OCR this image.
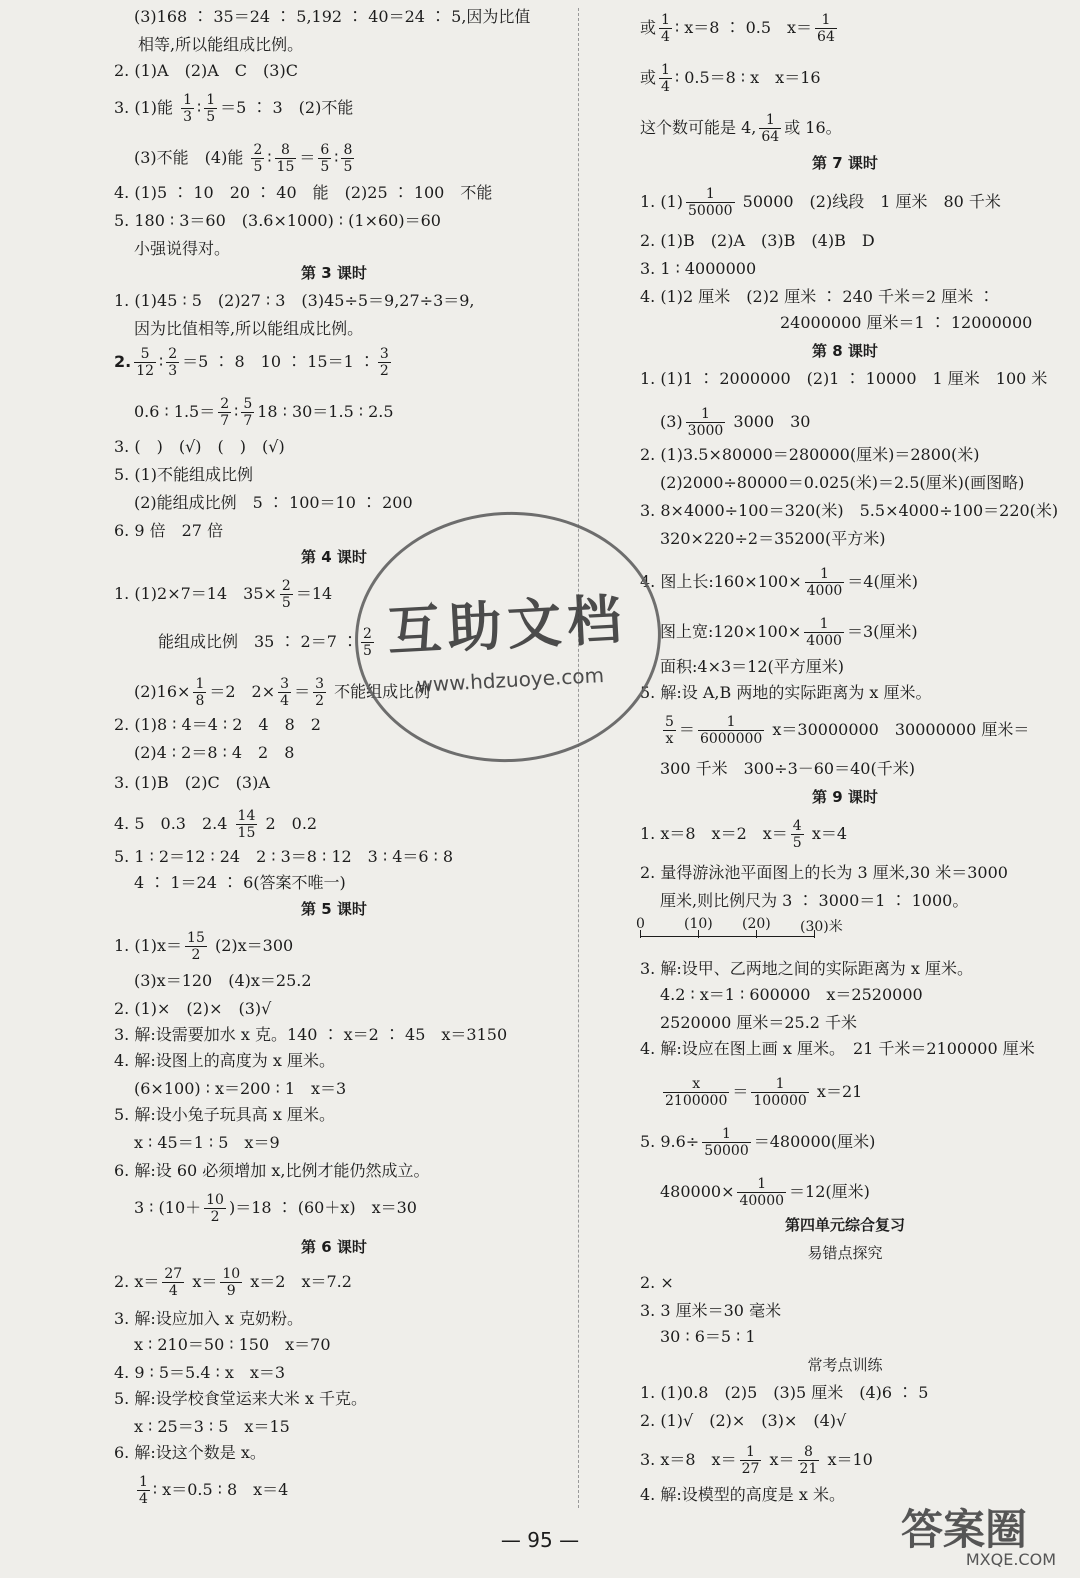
(3)168 ∶ 35＝24 ∶ 5,192 ∶ 40＝24 ∶ 5,因为比值
相等,所以能组成比例。
2. (1)A　(2)A　C　(3)C
3. (1)能 $\frac{1}{3}$ ∶ $\frac{1}{5} =5$ ∶ 3　(2)不能
(3)不能　(4)能 $\frac{2}{5}$ ∶ $\frac{8}{15} = \frac{6}{5}$ ∶ $\frac{8}{5}$
4. (1)5 ∶ 10　20 ∶ 40　能　(2)25 ∶ 100　不能
5. 180 ∶ 3＝60　(3.6×1000) ∶ (1×60)＝60
小强说得对。
第 3 课时
1. (1)45 ∶ 5　(2)27 ∶ 3　(3)45÷5＝9,27÷3＝9,
因为比值相等,所以能组成比例。
2. $\frac{5}{12}$ ∶ $\frac{2}{3} =5$ ∶ 8　10 ∶ 15＝1 ∶ $\frac{3}{2}$
0.6 ∶ $1.5= \frac{2}{7}$ ∶ $\frac{5}{7} 18$ ∶ 30＝1.5 ∶ 2.5
3. (　)　(√)　(　)　(√)
5. (1)不能组成比例
(2)能组成比例　5 ∶ 100＝10 ∶ 200
6. 9 倍　27 倍
第 4 课时
1. (1)2×7＝14　$35\times \frac{2}{5} =14$
能组成比例　35 ∶ 2＝7 ∶ $\frac{2}{5}$
$(2)16\times \frac{1}{8} =2$　$2\times \frac{3}{4} = \frac{3}{2}$ 不能组成比例
2. (1)8 ∶ 4＝4 ∶ 2　4　8　2
(2)4 ∶ 2＝8 ∶ 4　2　8
3. (1)B　(2)C　(3)A
4. 5　0.3　$2.4 \frac{14}{15} 2$　0.2
5. 1 ∶ 2＝12 ∶ 24　2 ∶ 3＝8 ∶ 12　3 ∶ 4＝6 ∶ 8
4 ∶ 1＝24 ∶ 6(答案不唯一)
第 5 课时
1. $(1)x= \frac{15}{2} (2)x=300$
(3)x＝120　(4)x＝25.2
2. (1)×　(2)×　(3)√
3. 解:设需要加水 x 克。140 ∶ x＝2 ∶ 45　x＝3150
4. 解:设图上的高度为 x 厘米。
(6×100) ∶ x＝200 ∶ 1　x＝3
5. 解:设小兔子玩具高 x 厘米。
x ∶ 45＝1 ∶ 5　x＝9
6. 解:设 60 必须增加 x,比例才能仍然成立。
3 ∶ $(10+ \frac{10}{2} )=18$ ∶ (60＋x)　x＝30
第 6 课时
2. $x= \frac{27}{4} x= \frac{10}{9} x=2$　x＝7.2
3. 解:设应加入 x 克奶粉。
x ∶ 210＝50 ∶ 150　x＝70
4. 9 ∶ 5＝5.4 ∶ x　x＝3
5. 解:设学校食堂运来大米 x 千克。
x ∶ 25＝3 ∶ 5　x＝15
6. 解:设这个数是 x。
$\frac{1}{4}$ ∶ x＝0.5 ∶ 8　x＝4
或 $\frac{1}{4}$ ∶ x＝8 ∶ 0.5　$x= \frac{1}{64}$
或 $\frac{1}{4}$ ∶ 0.5＝8 ∶ x　x＝16
这个数可能是 4, $\frac{1}{64}$ 或 16。
第 7 课时
1. $(1) \frac{1}{50000} 50000$　(2)线段　1 厘米　80 千米
2. (1)B　(2)A　(3)B　(4)B　D
3. 1 ∶ 4000000
4. (1)2 厘米　(2)2 厘米 ∶ 240 千米＝2 厘米 ∶
24000000 厘米＝1 ∶ 12000000
第 8 课时
1. (1)1 ∶ 2000000　(2)1 ∶ 10000　1 厘米　100 米
$(3) \frac{1}{3000} 3000$　30
2. (1)3.5×80000＝280000(厘米)＝2800(米)
(2)2000÷80000＝0.025(米)＝2.5(厘米)(画图略)
3. 8×4000÷100＝320(米)　5.5×4000÷100＝220(米)
320×220÷2＝35200(平方米)
4. 图上长:160×100× $\frac{1}{4000} =4$(厘米)
图上宽:120×100× $\frac{1}{4000} =3$(厘米)
面积:4×3＝12(平方厘米)
5. 解:设 A,B 两地的实际距离为 x 厘米。
$\frac{5}{x} = \frac{1}{6000000} x=30000000$　30000000 厘米＝
300 千米　300÷3－60＝40(千米)
第 9 课时
1. x＝8　x＝2　$x= \frac{4}{5} x=4$
2. 量得游泳池平面图上的长为 3 厘米,30 米＝3000
厘米,则比例尺为 3 ∶ 3000＝1 ∶ 1000。
0	(10) (20) (30)米
3. 解:设甲、乙两地之间的实际距离为 x 厘米。
4.2 ∶ x＝1 ∶ 600000　x＝2520000
2520000 厘米＝25.2 千米
4. 解:设应在图上画 x 厘米。　21 千米＝2100000 厘米
$\frac{x}{2100000} = \frac{1}{100000} x=21$
5. $9.6\div \frac{1}{50000} =480000$(厘米)
$480000\times \frac{1}{40000} =12$(厘米)
第四单元综合复习
易错点探究
2. ×
3. 3 厘米＝30 毫米
30 ∶ 6＝5 ∶ 1
常考点训练
1. (1)0.8　(2)5　(3)5 厘米　(4)6 ∶ 5
2. (1)√　(2)×　(3)×　(4)√
3. x＝8　$x= \frac{1}{27} x= \frac{8}{21} x=10$
4. 解:设模型的高度是 x 米。
互助文档
www.hdzuoye.com
— 95 —	答案圈
MXQE.COM
